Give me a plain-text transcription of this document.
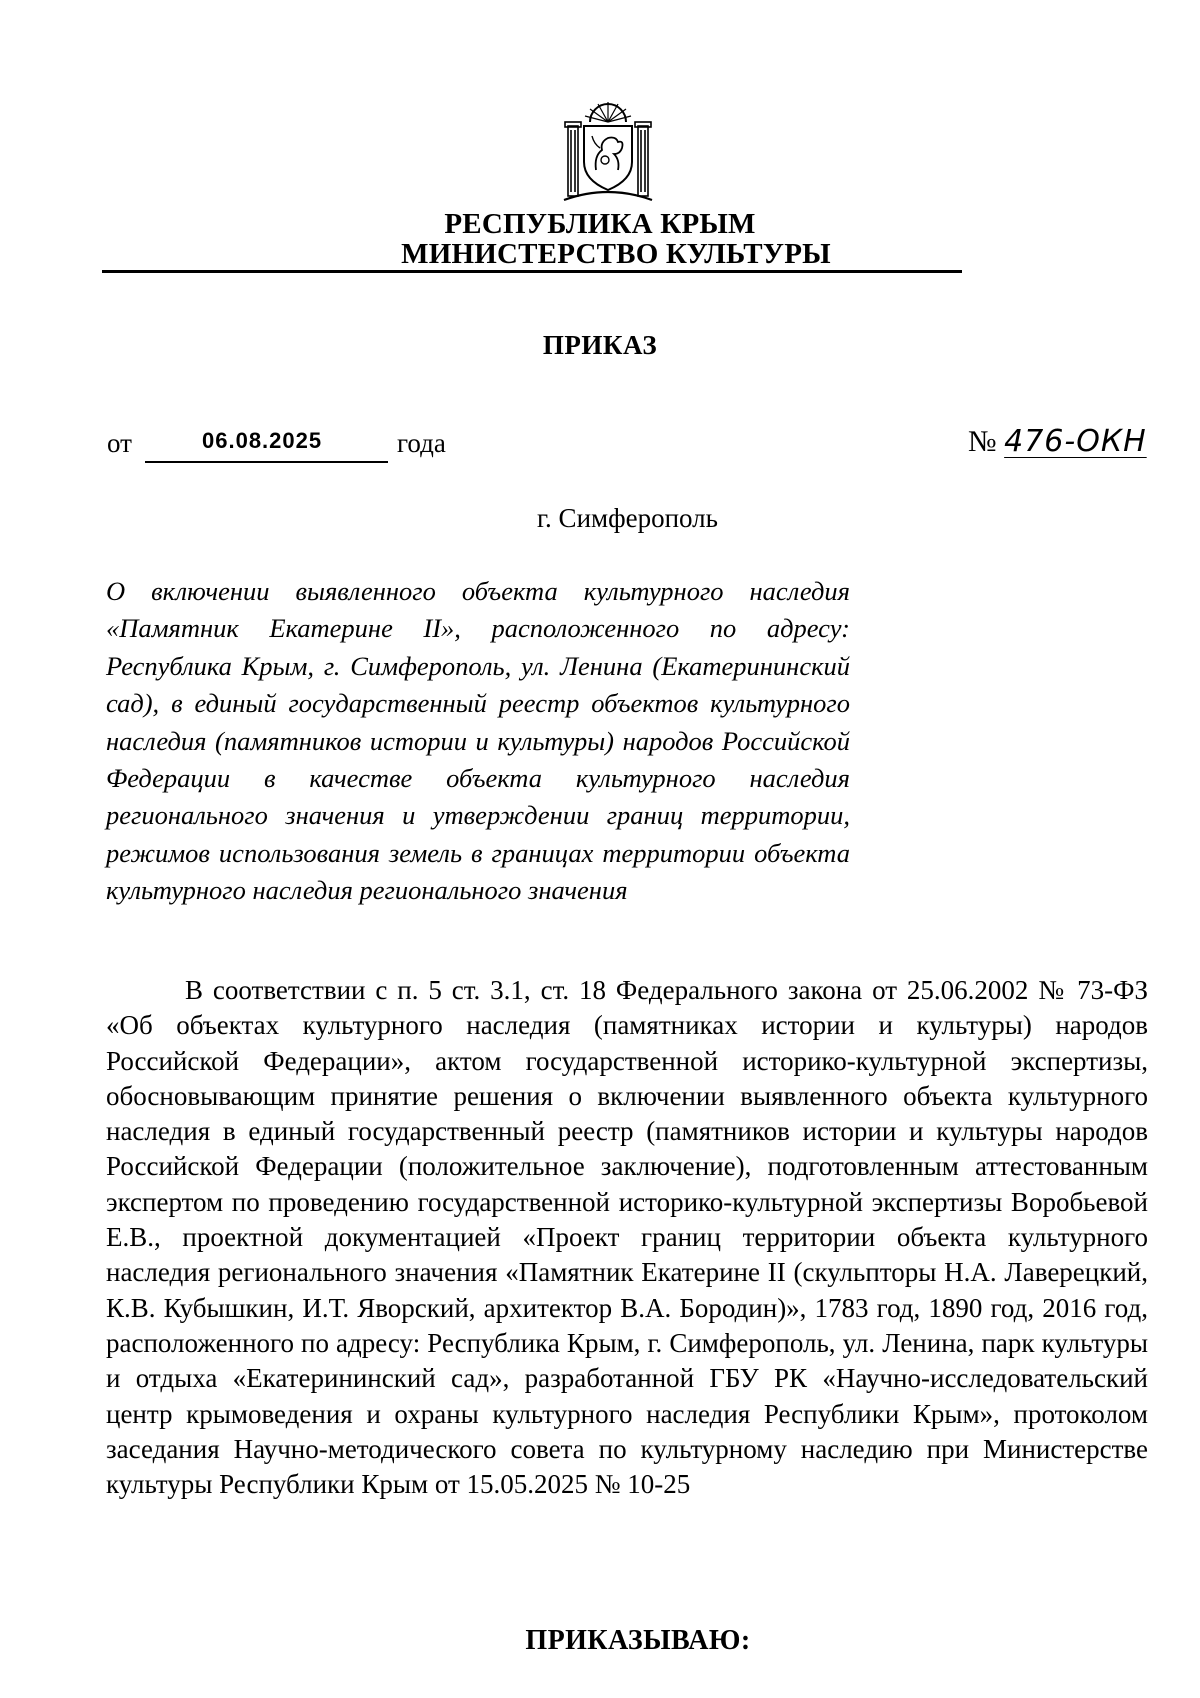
РЕСПУБЛИКА КРЫМ
МИНИСТЕРСТВО КУЛЬТУРЫ
ПРИКАЗ
от	06.08.2025	года	№ 476-ОКН
г. Симферополь
О включении выявленного объекта культурного наследия «Памятник Екатерине II», расположенного по адресу: Республика Крым, г. Симферополь, ул. Ленина (Екатерининский сад), в единый государственный реестр объектов культурного наследия (памятников истории и культуры) народов Российской Федерации в качестве объекта культурного наследия регионального значения и утверждении границ территории, режимов использования земель в границах территории объекта культурного наследия регионального значения

В соответствии с п. 5 ст. 3.1, ст. 18 Федерального закона от 25.06.2002 № 73-ФЗ «Об объектах культурного наследия (памятниках истории и культуры) народов Российской Федерации», актом государственной историко-культурной экспертизы, обосновывающим принятие решения о включении выявленного объекта культурного наследия в единый государственный реестр (памятников истории и культуры народов Российской Федерации (положительное заключение), подготовленным аттестованным экспертом по проведению государственной историко-культурной экспертизы Воробьевой Е.В., проектной документацией «Проект границ территории объекта культурного наследия регионального значения «Памятник Екатерине II (скульпторы Н.А. Лаверецкий, К.В. Кубышкин, И.Т. Яворский, архитектор В.А. Бородин)», 1783 год, 1890 год, 2016 год, расположенного по адресу: Республика Крым, г. Симферополь, ул. Ленина, парк культуры и отдыха «Екатерининский сад», разработанной ГБУ РК «Научно-исследовательский центр крымоведения и охраны культурного наследия Республики Крым», протоколом заседания Научно-методического совета по культурному наследию при Министерстве культуры Республики Крым от 15.05.2025 № 10-25

ПРИКАЗЫВАЮ:
